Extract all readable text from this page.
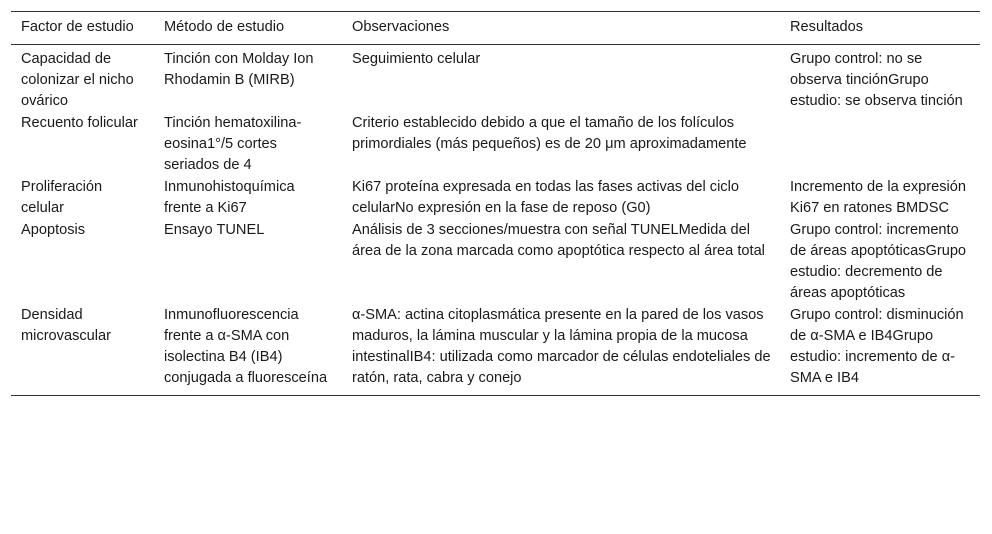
Factor de estudio	Método de estudio	Observaciones	Resultados
Capacidad de colonizar el nicho ovárico	Tinción con Molday Ion Rhodamin B (MIRB)	Seguimiento celular	Grupo control: no se observa tinciónGrupo estudio: se observa tinción
Recuento folicular	Tinción hematoxilina-eosina1°/5 cortes seriados de 4	Criterio establecido debido a que el tamaño de los folículos primordiales (más pequeños) es de 20 μm aproximadamente	
Proliferación celular	Inmunohistoquímica frente a Ki67	Ki67 proteína expresada en todas las fases activas del ciclo celularNo expresión en la fase de reposo (G0)	Incremento de la expresión Ki67 en ratones BMDSC
Apoptosis	Ensayo TUNEL	Análisis de 3 secciones/muestra con señal TUNELMedida del área de la zona marcada como apoptótica respecto al área total	Grupo control: incremento de áreas apoptóticasGrupo estudio: decremento de áreas apoptóticas
Densidad microvascular	Inmunofluorescencia frente a α-SMA con isolectina B4 (IB4) conjugada a fluoresceína	α-SMA: actina citoplasmática presente en la pared de los vasos maduros, la lámina muscular y la lámina propia de la mucosa intestinalIB4: utilizada como marcador de células endoteliales de ratón, rata, cabra y conejo	Grupo control: disminución de α-SMA e IB4Grupo estudio: incremento de α-SMA e IB4
